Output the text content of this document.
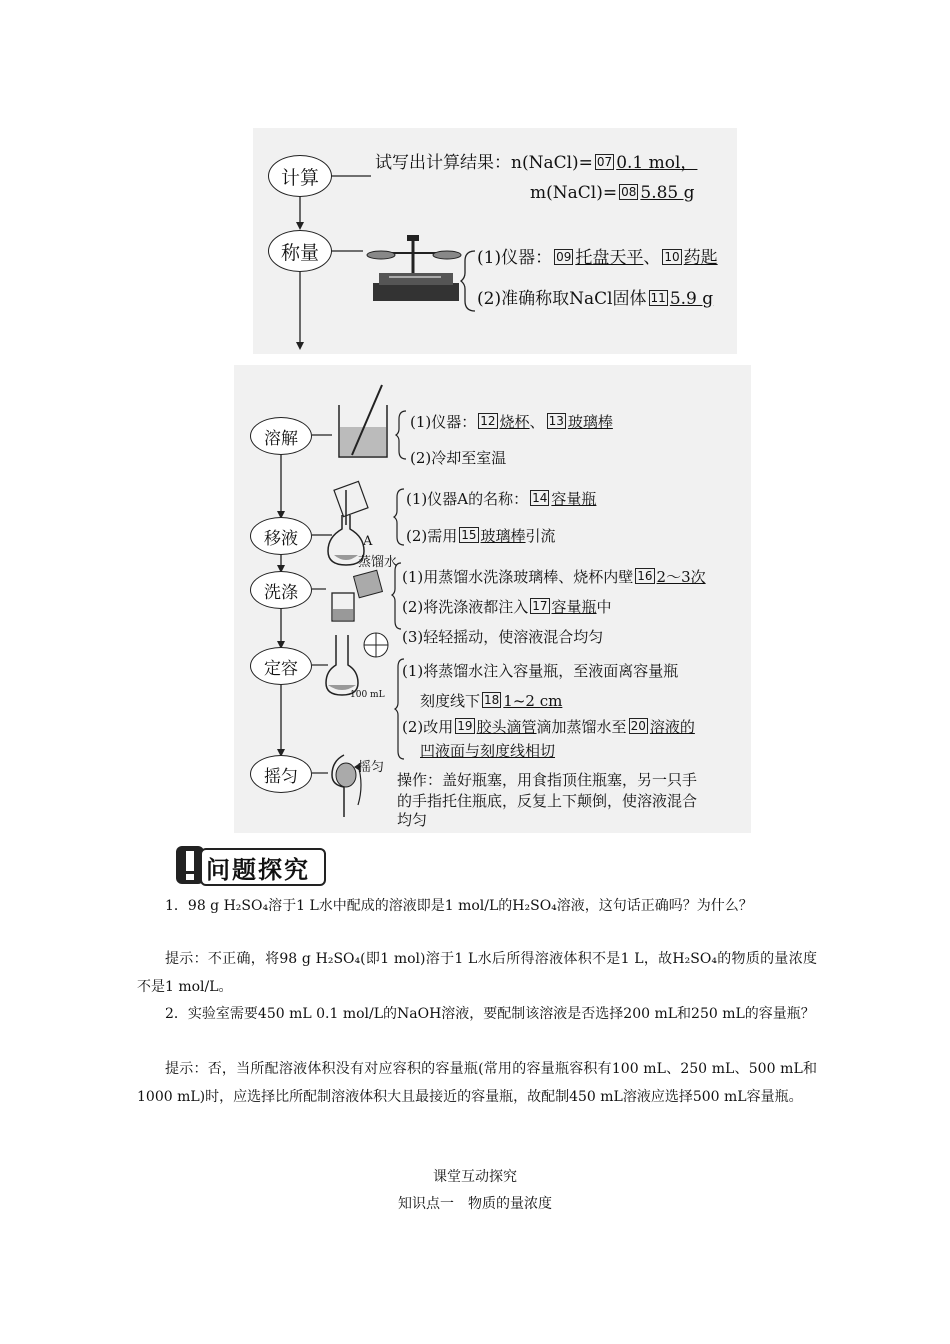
计算
称量
试写出计算结果：n(NaCl)= 07 0.1 mol，
m(NaCl)= 08 5.85 g
(1)仪器： 09 托盘天平、 10 药匙
(2)准确称取NaCl固体 11 5.9 g
溶解
移液
洗涤
定容
摇匀
(1)仪器： 12 烧杯、 13 玻璃棒
(2)冷却至室温
(1)仪器A的名称： 14 容量瓶
(2)需用 15 玻璃棒引流
A
蒸馏水
(1)用蒸馏水洗涤玻璃棒、烧杯内壁 16 2～3次
(2)将洗涤液都注入 17 容量瓶中
(3)轻轻摇动，使溶液混合均匀
(1)将蒸馏水注入容量瓶，至液面离容量瓶
刻度线下 18 1~2 cm
(2)改用 19 胶头滴管滴加蒸馏水至 20 溶液的
凹液面与刻度线相切
100 mL
摇匀
操作：盖好瓶塞，用食指顶住瓶塞，另一只手
的手指托住瓶底，反复上下颠倒，使溶液混合
均匀
问题探究
1．98 g H₂SO₄溶于1 L水中配成的溶液即是1 mol/L的H₂SO₄溶液，这句话正确吗？为什么？
提示：不正确，将98 g H₂SO₄(即1 mol)溶于1 L水后所得溶液体积不是1 L，故H₂SO₄的物质的量浓度不是1 mol/L。
2．实验室需要450 mL 0.1 mol/L的NaOH溶液，要配制该溶液是否选择200 mL和250 mL的容量瓶？
提示：否，当所配溶液体积没有对应容积的容量瓶(常用的容量瓶容积有100 mL、250 mL、500 mL和1000 mL)时，应选择比所配制溶液体积大且最接近的容量瓶，故配制450 mL溶液应选择500 mL容量瓶。
课堂互动探究
知识点一　物质的量浓度
